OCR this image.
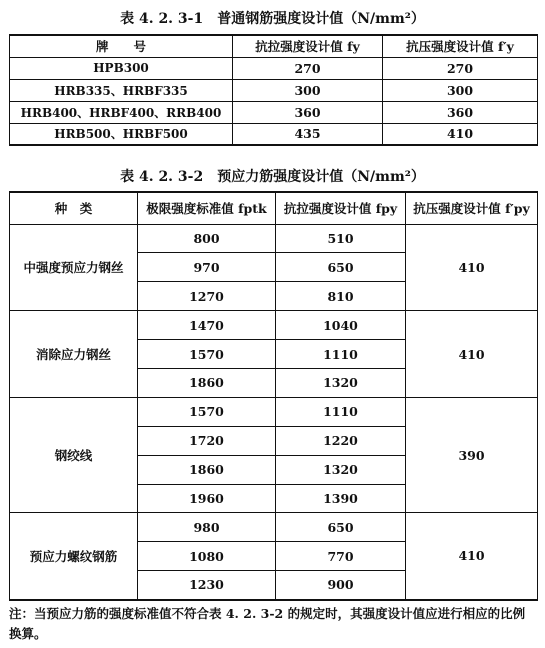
表 4. 2. 3-1　普通钢筋强度设计值（N/mm²）
牌　　号	抗拉强度设计值 fy	抗压强度设计值 f′y
HPB300	270	270
HRB335、HRBF335	300	300
HRB400、HRBF400、RRB400	360	360
HRB500、HRBF500	435	410
表 4. 2. 3-2　预应力筋强度设计值（N/mm²）
种　类	极限强度标准值 fptk	抗拉强度设计值 fpy	抗压强度设计值 f′py
中强度预应力钢丝	800	510	410
	970	650	
	1270	810	
消除应力钢丝	1470	1040	410
	1570	1110	
	1860	1320	
钢绞线	1570	1110	390
	1720	1220	
	1860	1320	
	1960	1390	
预应力螺纹钢筋	980	650	410
	1080	770	
	1230	900	
注：当预应力筋的强度标准值不符合表 4. 2. 3-2 的规定时，其强度设计值应进行相应的比例换算。
